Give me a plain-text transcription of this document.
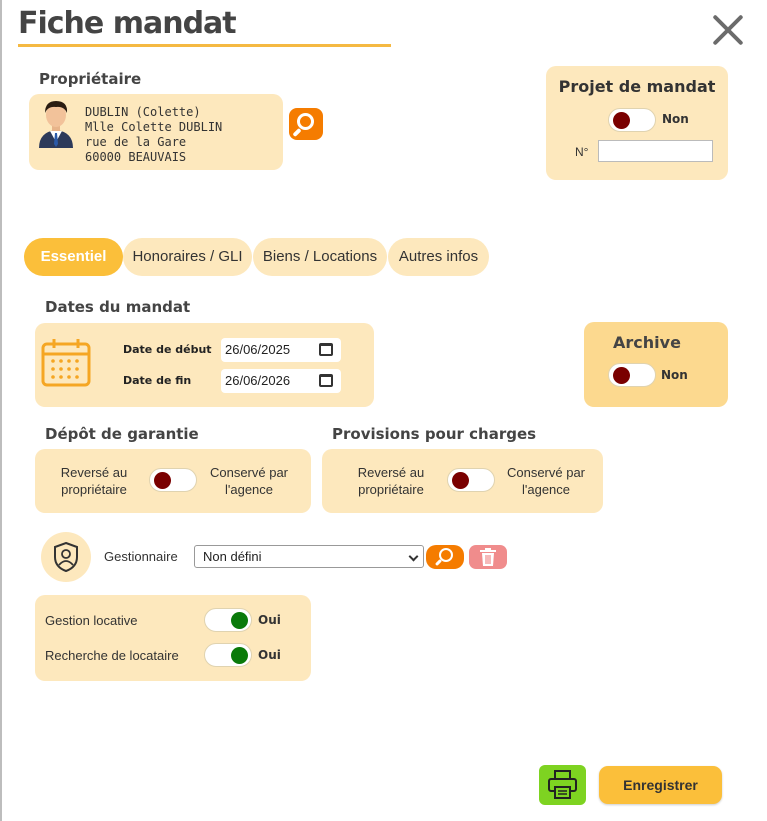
Fiche mandat
Propriétaire
DUBLIN (Colette)
Mlle Colette DUBLIN
rue de la Gare
60000 BEAUVAIS
Projet de mandat
Non
N°
Essentiel	Honoraires / GLI	Biens / Locations	Autres infos
Dates du mandat
Date de début	26/06/2025
Date de fin	26/06/2026
Archive
Non
Dépôt de garantie
Reversé au
propriétaire
Conservé par
l'agence
Provisions pour charges
Reversé au
propriétaire
Conservé par
l'agence
Gestionnaire	Non défini
Gestion locative	Oui
Recherche de locataire	Oui
Enregistrer
